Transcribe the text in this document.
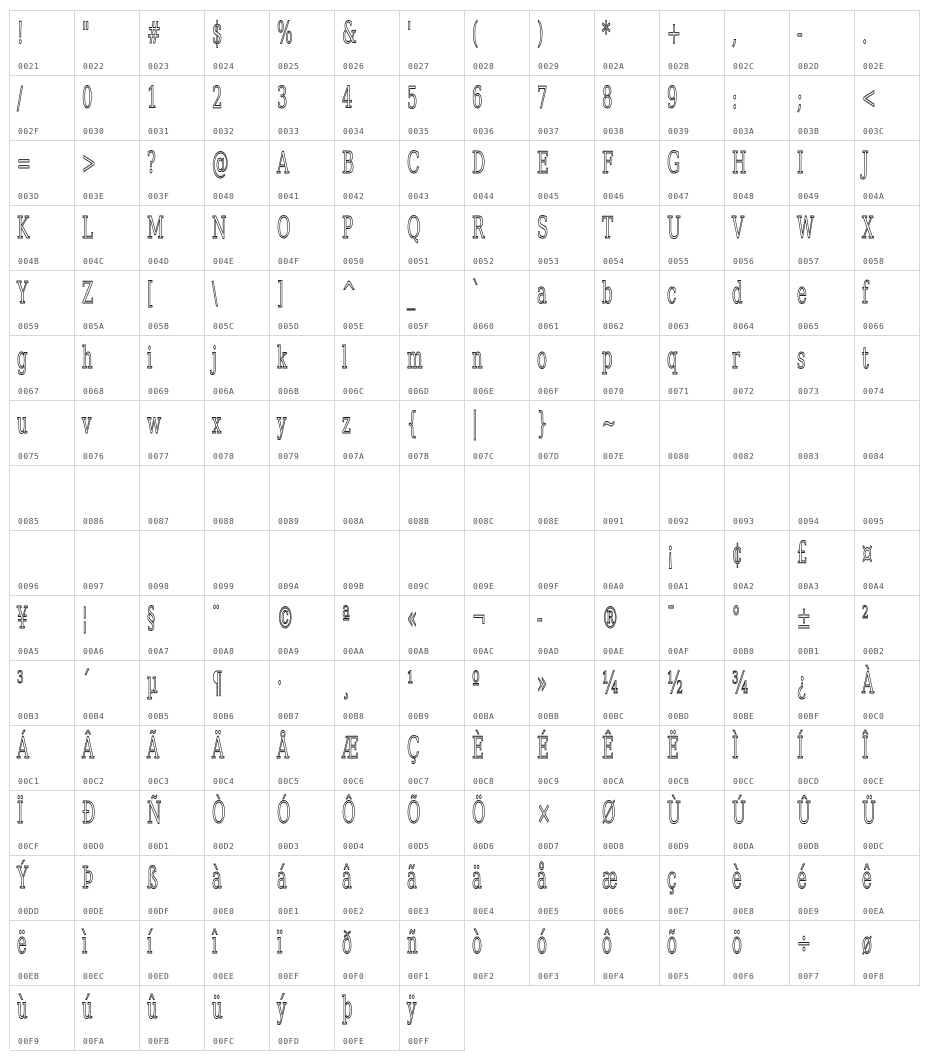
!
0021
"
0022
#
0023
$
0024
%
0025
&
0026
'
0027
(
0028
)
0029
*
002A
+
002B
,
002C
-
002D
.
002E
/
002F
0
0030
1
0031
2
0032
3
0033
4
0034
5
0035
6
0036
7
0037
8
0038
9
0039
:
003A
;
003B
<
003C
=
003D
>
003E
?
003F
@
0040
A
0041
B
0042
C
0043
D
0044
E
0045
F
0046
G
0047
H
0048
I
0049
J
004A
K
004B
L
004C
M
004D
N
004E
O
004F
P
0050
Q
0051
R
0052
S
0053
T
0054
U
0055
V
0056
W
0057
X
0058
Y
0059
Z
005A
[
005B
\
005C
]
005D
^
005E
_
005F
`
0060
a
0061
b
0062
c
0063
d
0064
e
0065
f
0066
g
0067
h
0068
i
0069
j
006A
k
006B
l
006C
m
006D
n
006E
o
006F
p
0070
q
0071
r
0072
s
0073
t
0074
u
0075
v
0076
w
0077
x
0078
y
0079
z
007A
{
007B
|
007C
}
007D
~
007E	0080	0082	0083	0084
0085	0086	0087	0088	0089	008A	008B	008C	008E	0091	0092	0093	0094	0095
0096	0097	0098	0099	009A	009B	009C	009E	009F	00A0
¡
00A1
¢
00A2
£
00A3
¤
00A4
¥
00A5
¦
00A6
§
00A7
¨
00A8
©
00A9
ª
00AA
«
00AB
¬
00AC
-
00AD
®
00AE
¯
00AF
°
00B0
±
00B1
²
00B2
³
00B3
´
00B4
µ
00B5
¶
00B6
·
00B7
¸
00B8
¹
00B9
º
00BA
»
00BB
¼
00BC
½
00BD
¾
00BE
¿
00BF
À
00C0
Á
00C1
Â
00C2
Ã
00C3
Ä
00C4
Å
00C5
Æ
00C6
Ç
00C7
È
00C8
É
00C9
Ê
00CA
Ë
00CB
Ì
00CC
Í
00CD
Î
00CE
Ï
00CF
Ð
00D0
Ñ
00D1
Ò
00D2
Ó
00D3
Ô
00D4
Õ
00D5
Ö
00D6
×
00D7
Ø
00D8
Ù
00D9
Ú
00DA
Û
00DB
Ü
00DC
Ý
00DD
Þ
00DE
ß
00DF
à
00E0
á
00E1
â
00E2
ã
00E3
ä
00E4
å
00E5
æ
00E6
ç
00E7
è
00E8
é
00E9
ê
00EA
ë
00EB
ì
00EC
í
00ED
î
00EE
ï
00EF
ð
00F0
ñ
00F1
ò
00F2
ó
00F3
ô
00F4
õ
00F5
ö
00F6
÷
00F7
ø
00F8
ù
00F9
ú
00FA
û
00FB
ü
00FC
ý
00FD
þ
00FE
ÿ
00FF
